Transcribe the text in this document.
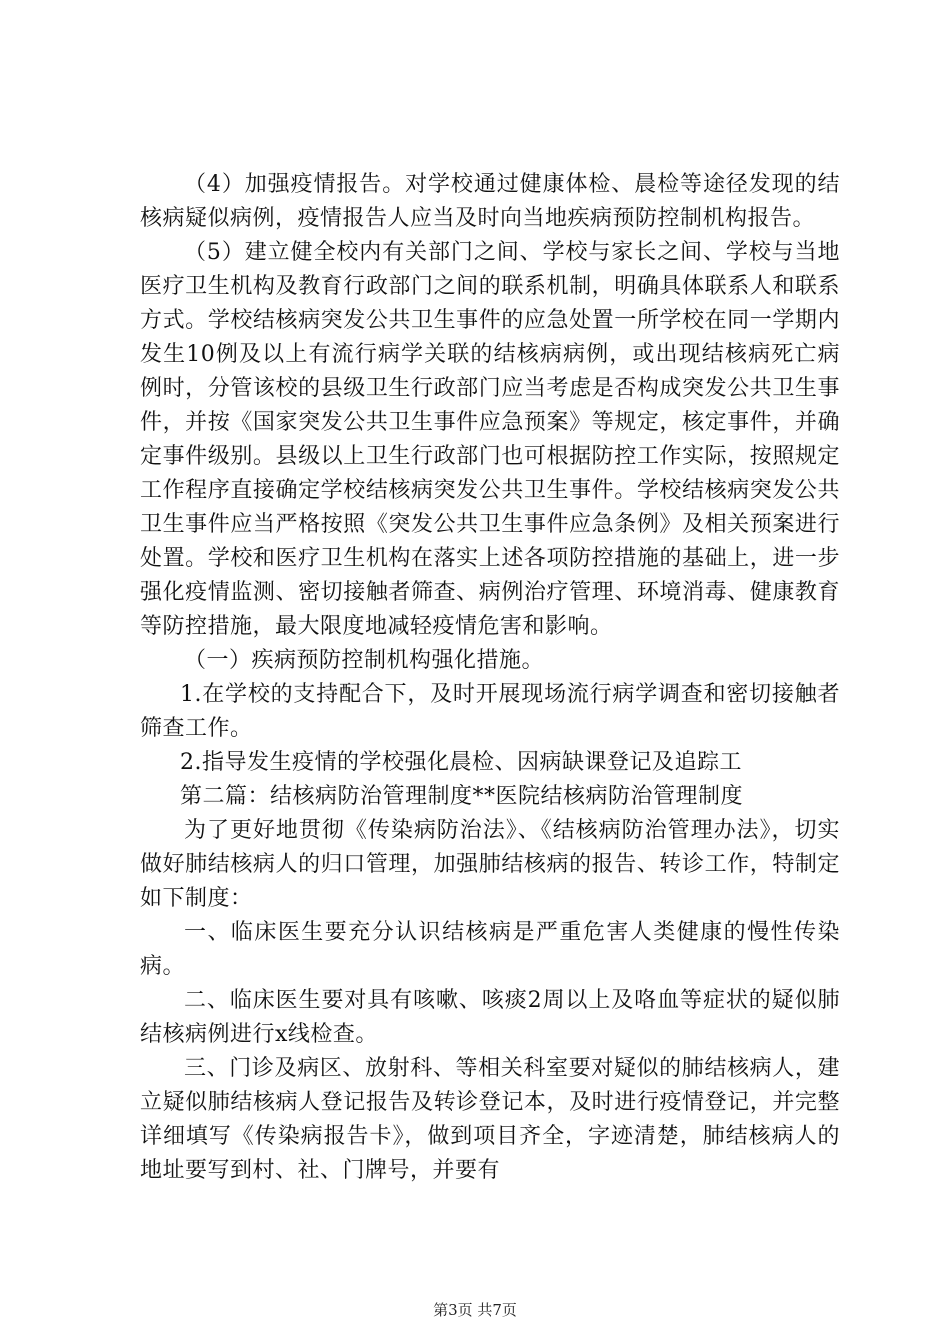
（4）加强疫情报告。对学校通过健康体检、晨检等途径发现的结核病疑似病例，疫情报告人应当及时向当地疾病预防控制机构报告。

（5）建立健全校内有关部门之间、学校与家长之间、学校与当地医疗卫生机构及教育行政部门之间的联系机制，明确具体联系人和联系方式。学校结核病突发公共卫生事件的应急处置一所学校在同一学期内发生10例及以上有流行病学关联的结核病病例，或出现结核病死亡病例时，分管该校的县级卫生行政部门应当考虑是否构成突发公共卫生事件，并按《国家突发公共卫生事件应急预案》等规定，核定事件，并确定事件级别。县级以上卫生行政部门也可根据防控工作实际，按照规定工作程序直接确定学校结核病突发公共卫生事件。学校结核病突发公共卫生事件应当严格按照《突发公共卫生事件应急条例》及相关预案进行处置。学校和医疗卫生机构在落实上述各项防控措施的基础上，进一步强化疫情监测、密切接触者筛查、病例治疗管理、环境消毒、健康教育等防控措施，最大限度地减轻疫情危害和影响。

（一）疾病预防控制机构强化措施。

1.在学校的支持配合下，及时开展现场流行病学调查和密切接触者筛查工作。

2.指导发生疫情的学校强化晨检、因病缺课登记及追踪工

第二篇：结核病防治管理制度**医院结核病防治管理制度

为了更好地贯彻《传染病防治法》、《结核病防治管理办法》，切实做好肺结核病人的归口管理，加强肺结核病的报告、转诊工作，特制定如下制度：

一、临床医生要充分认识结核病是严重危害人类健康的慢性传染病。

二、临床医生要对具有咳嗽、咳痰2周以上及咯血等症状的疑似肺结核病例进行x线检查。

三、门诊及病区、放射科、等相关科室要对疑似的肺结核病人，建立疑似肺结核病人登记报告及转诊登记本，及时进行疫情登记，并完整详细填写《传染病报告卡》，做到项目齐全，字迹清楚，肺结核病人的地址要写到村、社、门牌号，并要有

第3页 共7页
